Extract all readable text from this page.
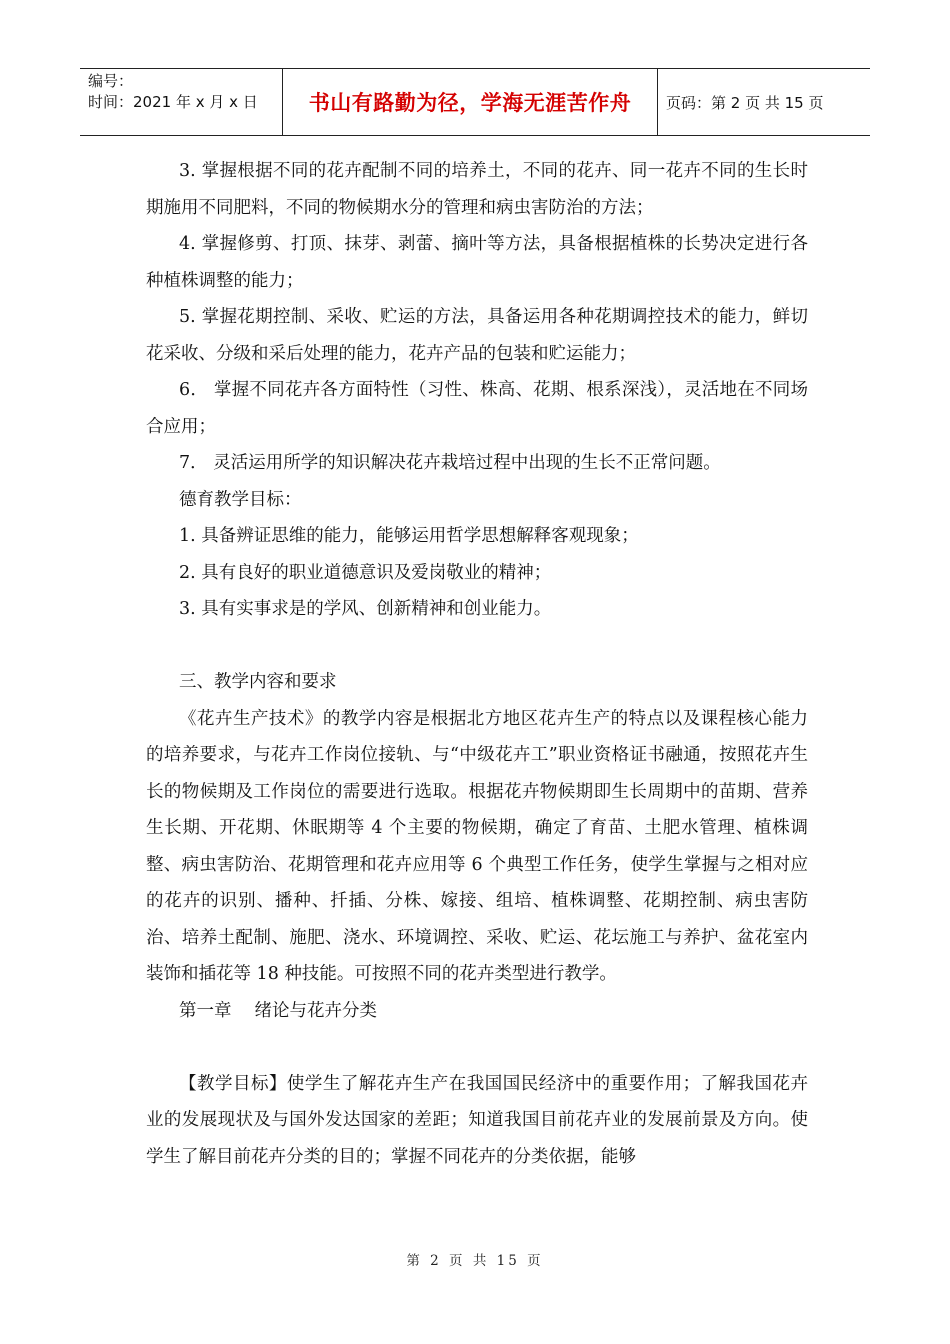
编号：
时间：2021 年 x 月 x 日	书山有路勤为径，学海无涯苦作舟	页码：第 2 页 共 15 页

3. 掌握根据不同的花卉配制不同的培养土，不同的花卉、同一花卉不同的生长时期施用不同肥料，不同的物候期水分的管理和病虫害防治的方法；

4. 掌握修剪、打顶、抹芽、剥蕾、摘叶等方法，具备根据植株的长势决定进行各种植株调整的能力；

5. 掌握花期控制、采收、贮运的方法，具备运用各种花期调控技术的能力，鲜切花采收、分级和采后处理的能力，花卉产品的包装和贮运能力；

6． 掌握不同花卉各方面特性（习性、株高、花期、根系深浅），灵活地在不同场合应用；

7． 灵活运用所学的知识解决花卉栽培过程中出现的生长不正常问题。

德育教学目标：

1. 具备辨证思维的能力，能够运用哲学思想解释客观现象；

2. 具有良好的职业道德意识及爱岗敬业的精神；

3. 具有实事求是的学风、创新精神和创业能力。

三、教学内容和要求

《花卉生产技术》的教学内容是根据北方地区花卉生产的特点以及课程核心能力的培养要求，与花卉工作岗位接轨、与“中级花卉工”职业资格证书融通，按照花卉生长的物候期及工作岗位的需要进行选取。根据花卉物候期即生长周期中的苗期、营养生长期、开花期、休眠期等 4 个主要的物候期，确定了育苗、土肥水管理、植株调整、病虫害防治、花期管理和花卉应用等 6 个典型工作任务，使学生掌握与之相对应的花卉的识别、播种、扦插、分株、嫁接、组培、植株调整、花期控制、病虫害防治、培养土配制、施肥、浇水、环境调控、采收、贮运、花坛施工与养护、盆花室内装饰和插花等 18 种技能。可按照不同的花卉类型进行教学。

第一章　 绪论与花卉分类

【教学目标】使学生了解花卉生产在我国国民经济中的重要作用；了解我国花卉业的发展现状及与国外发达国家的差距；知道我国目前花卉业的发展前景及方向。使学生了解目前花卉分类的目的；掌握不同花卉的分类依据，能够

第 2 页 共 15 页
